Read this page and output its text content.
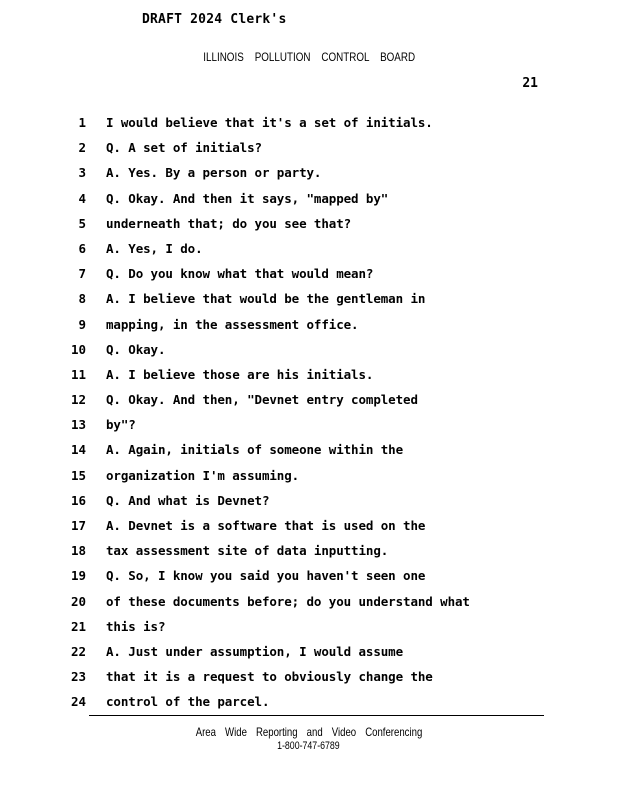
DRAFT 2024 Clerk's
ILLINOIS POLLUTION CONTROL BOARD
21
1 I would believe that it's a set of initials.
2 Q. A set of initials?
3 A. Yes. By a person or party.
4 Q. Okay. And then it says, "mapped by"
5 underneath that; do you see that?
6 A. Yes, I do.
7 Q. Do you know what that would mean?
8 A. I believe that would be the gentleman in
9 mapping, in the assessment office.
10 Q. Okay.
11 A. I believe those are his initials.
12 Q. Okay. And then, "Devnet entry completed
13 by"?
14 A. Again, initials of someone within the
15 organization I'm assuming.
16 Q. And what is Devnet?
17 A. Devnet is a software that is used on the
18 tax assessment site of data inputting.
19 Q. So, I know you said you haven't seen one
20 of these documents before; do you understand what
21 this is?
22 A. Just under assumption, I would assume
23 that it is a request to obviously change the
24 control of the parcel.
Area Wide Reporting and Video Conferencing
1-800-747-6789
